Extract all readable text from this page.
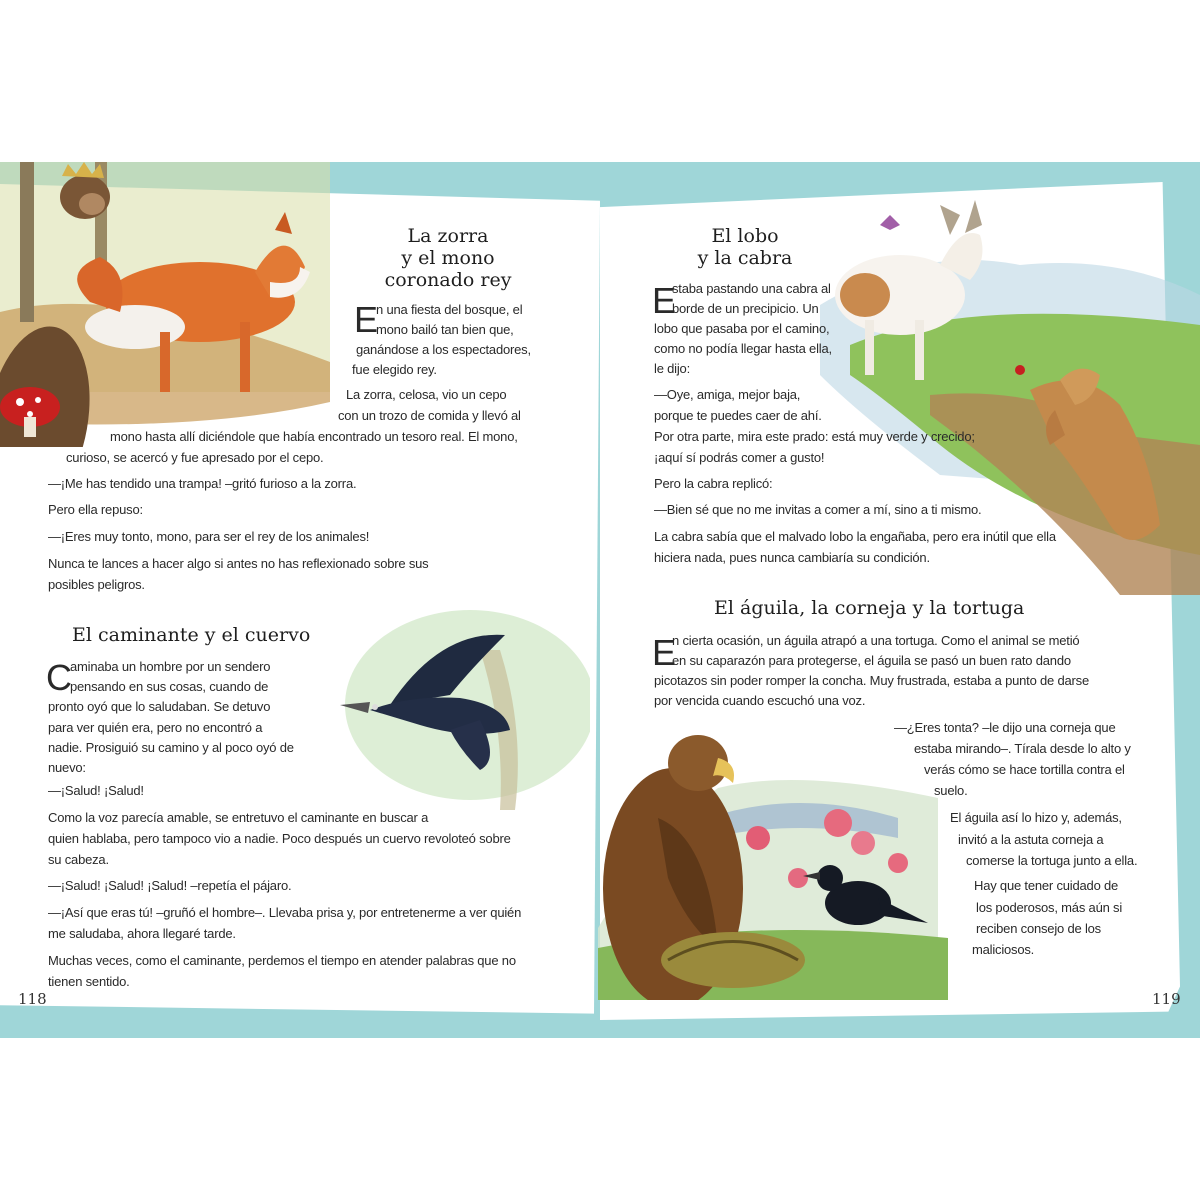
La zorra
y el mono
coronado rey
E
n una fiesta del bosque, el
mono bailó tan bien que,
ganándose a los espectadores,
fue elegido rey.
La zorra, celosa, vio un cepo
con un trozo de comida y llevó al
mono hasta allí diciéndole que había encontrado un tesoro real. El mono,
curioso, se acercó y fue apresado por el cepo.
—¡Me has tendido una trampa! –gritó furioso a la zorra.
Pero ella repuso:
—¡Eres muy tonto, mono, para ser el rey de los animales!
Nunca te lances a hacer algo si antes no has reflexionado sobre sus
posibles peligros.
El caminante y el cuervo
C
aminaba un hombre por un sendero
pensando en sus cosas, cuando de
pronto oyó que lo saludaban. Se detuvo
para ver quién era, pero no encontró a
nadie. Prosiguió su camino y al poco oyó de
nuevo:
—¡Salud! ¡Salud!
Como la voz parecía amable, se entretuvo el caminante en buscar a
quien hablaba, pero tampoco vio a nadie. Poco después un cuervo revoloteó sobre
su cabeza.
—¡Salud! ¡Salud! ¡Salud! –repetía el pájaro.
—¡Así que eras tú! –gruñó el hombre–. Llevaba prisa y, por entretenerme a ver quién
me saludaba, ahora llegaré tarde.
Muchas veces, como el caminante, perdemos el tiempo en atender palabras que no
tienen sentido.
118
El lobo
y la cabra
E
staba pastando una cabra al
borde de un precipicio. Un
lobo que pasaba por el camino,
como no podía llegar hasta ella,
le dijo:
—Oye, amiga, mejor baja,
porque te puedes caer de ahí.
Por otra parte, mira este prado: está muy verde y crecido;
¡aquí sí podrás comer a gusto!
Pero la cabra replicó:
—Bien sé que no me invitas a comer a mí, sino a ti mismo.
La cabra sabía que el malvado lobo la engañaba, pero era inútil que ella
hiciera nada, pues nunca cambiaría su condición.
El águila, la corneja y la tortuga
E
n cierta ocasión, un águila atrapó a una tortuga. Como el animal se metió
en su caparazón para protegerse, el águila se pasó un buen rato dando
picotazos sin poder romper la concha. Muy frustrada, estaba a punto de darse
por vencida cuando escuchó una voz.
—¿Eres tonta? –le dijo una corneja que
estaba mirando–. Tírala desde lo alto y
verás cómo se hace tortilla contra el
suelo.
El águila así lo hizo y, además,
invitó a la astuta corneja a
comerse la tortuga junto a ella.
Hay que tener cuidado de
los poderosos, más aún si
reciben consejo de los
maliciosos.
119
